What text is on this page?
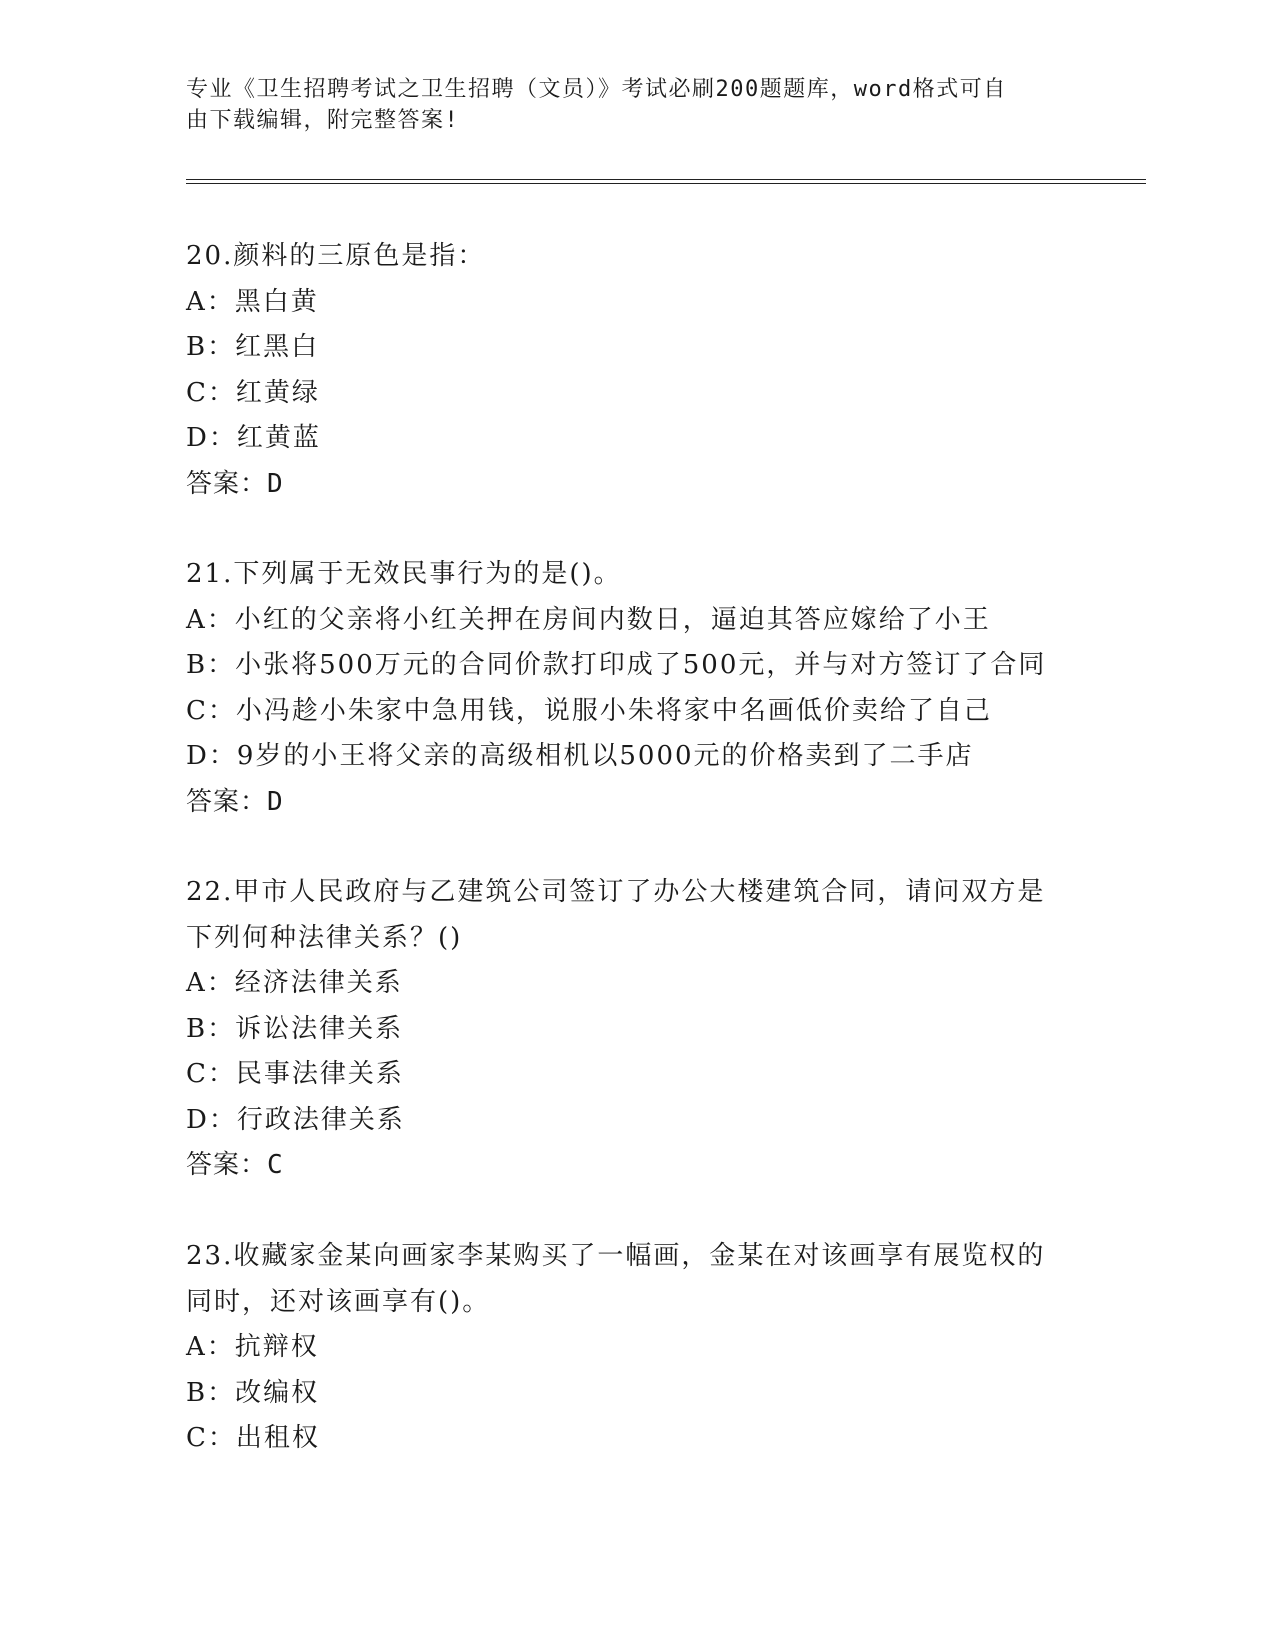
专业《卫生招聘考试之卫生招聘（文员）》考试必刷200题题库，word格式可自
由下载编辑，附完整答案!
20.颜料的三原色是指：
A：黑白黄
B：红黑白
C：红黄绿
D：红黄蓝
答案：D
21.下列属于无效民事行为的是()。
A：小红的父亲将小红关押在房间内数日，逼迫其答应嫁给了小王
B：小张将500万元的合同价款打印成了500元，并与对方签订了合同
C：小冯趁小朱家中急用钱，说服小朱将家中名画低价卖给了自己
D：9岁的小王将父亲的高级相机以5000元的价格卖到了二手店
答案：D
22.甲市人民政府与乙建筑公司签订了办公大楼建筑合同，请问双方是
下列何种法律关系？()
A：经济法律关系
B：诉讼法律关系
C：民事法律关系
D：行政法律关系
答案：C
23.收藏家金某向画家李某购买了一幅画，金某在对该画享有展览权的
同时，还对该画享有()。
A：抗辩权
B：改编权
C：出租权
